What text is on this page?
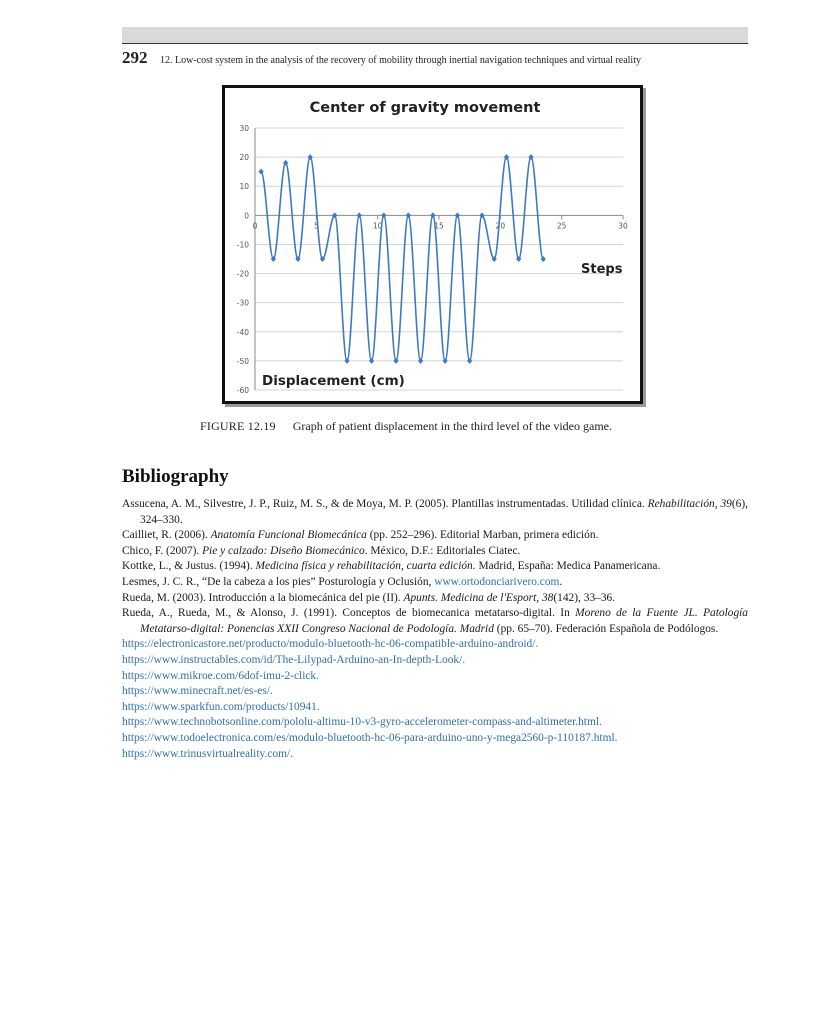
292	12. Low-cost system in the analysis of the recovery of mobility through inertial navigation techniques and virtual reality
30
20
10
0
-10
-20
-30
-40
-50
-60
0	5	10	15	20	25	30
Center of gravity movement
Steps
Displacement (cm)
FIGURE 12.19 Graph of patient displacement in the third level of the video game.
Bibliography
Assucena, A. M., Silvestre, J. P., Ruiz, M. S., & de Moya, M. P. (2005). Plantillas instrumentadas. Utilidad clínica. Rehabilitación, 39(6), 324–330.
Cailliet, R. (2006). Anatomía Funcional Biomecánica (pp. 252–296). Editorial Marban, primera edición.
Chico, F. (2007). Pie y calzado: Diseño Biomecánico. México, D.F.: Editoriales Ciatec.
Kottke, L., & Justus. (1994). Medicina física y rehabilitación, cuarta edición. Madrid, España: Medica Panamericana.
Lesmes, J. C. R., “De la cabeza a los pies” Posturología y Oclusión, www.ortodonciarivero.com.
Rueda, M. (2003). Introducción a la biomecánica del pie (II). Apunts. Medicina de l'Esport, 38(142), 33–36.
Rueda, A., Rueda, M., & Alonso, J. (1991). Conceptos de biomecanica metatarso-digital. In Moreno de la Fuente JL. Patología Metatarso-digital: Ponencias XXII Congreso Nacional de Podología. Madrid (pp. 65–70). Federación Española de Podólogos.
https://electronicastore.net/producto/modulo-bluetooth-hc-06-compatible-arduino-android/.
https://www.instructables.com/id/The-Lilypad-Arduino-an-In-depth-Look/.
https://www.mikroe.com/6dof-imu-2-click.
https://www.minecraft.net/es-es/.
https://www.sparkfun.com/products/10941.
https://www.technobotsonline.com/pololu-altimu-10-v3-gyro-accelerometer-compass-and-altimeter.html.
https://www.todoelectronica.com/es/modulo-bluetooth-hc-06-para-arduino-uno-y-mega2560-p-110187.html.
https://www.trinusvirtualreality.com/.
